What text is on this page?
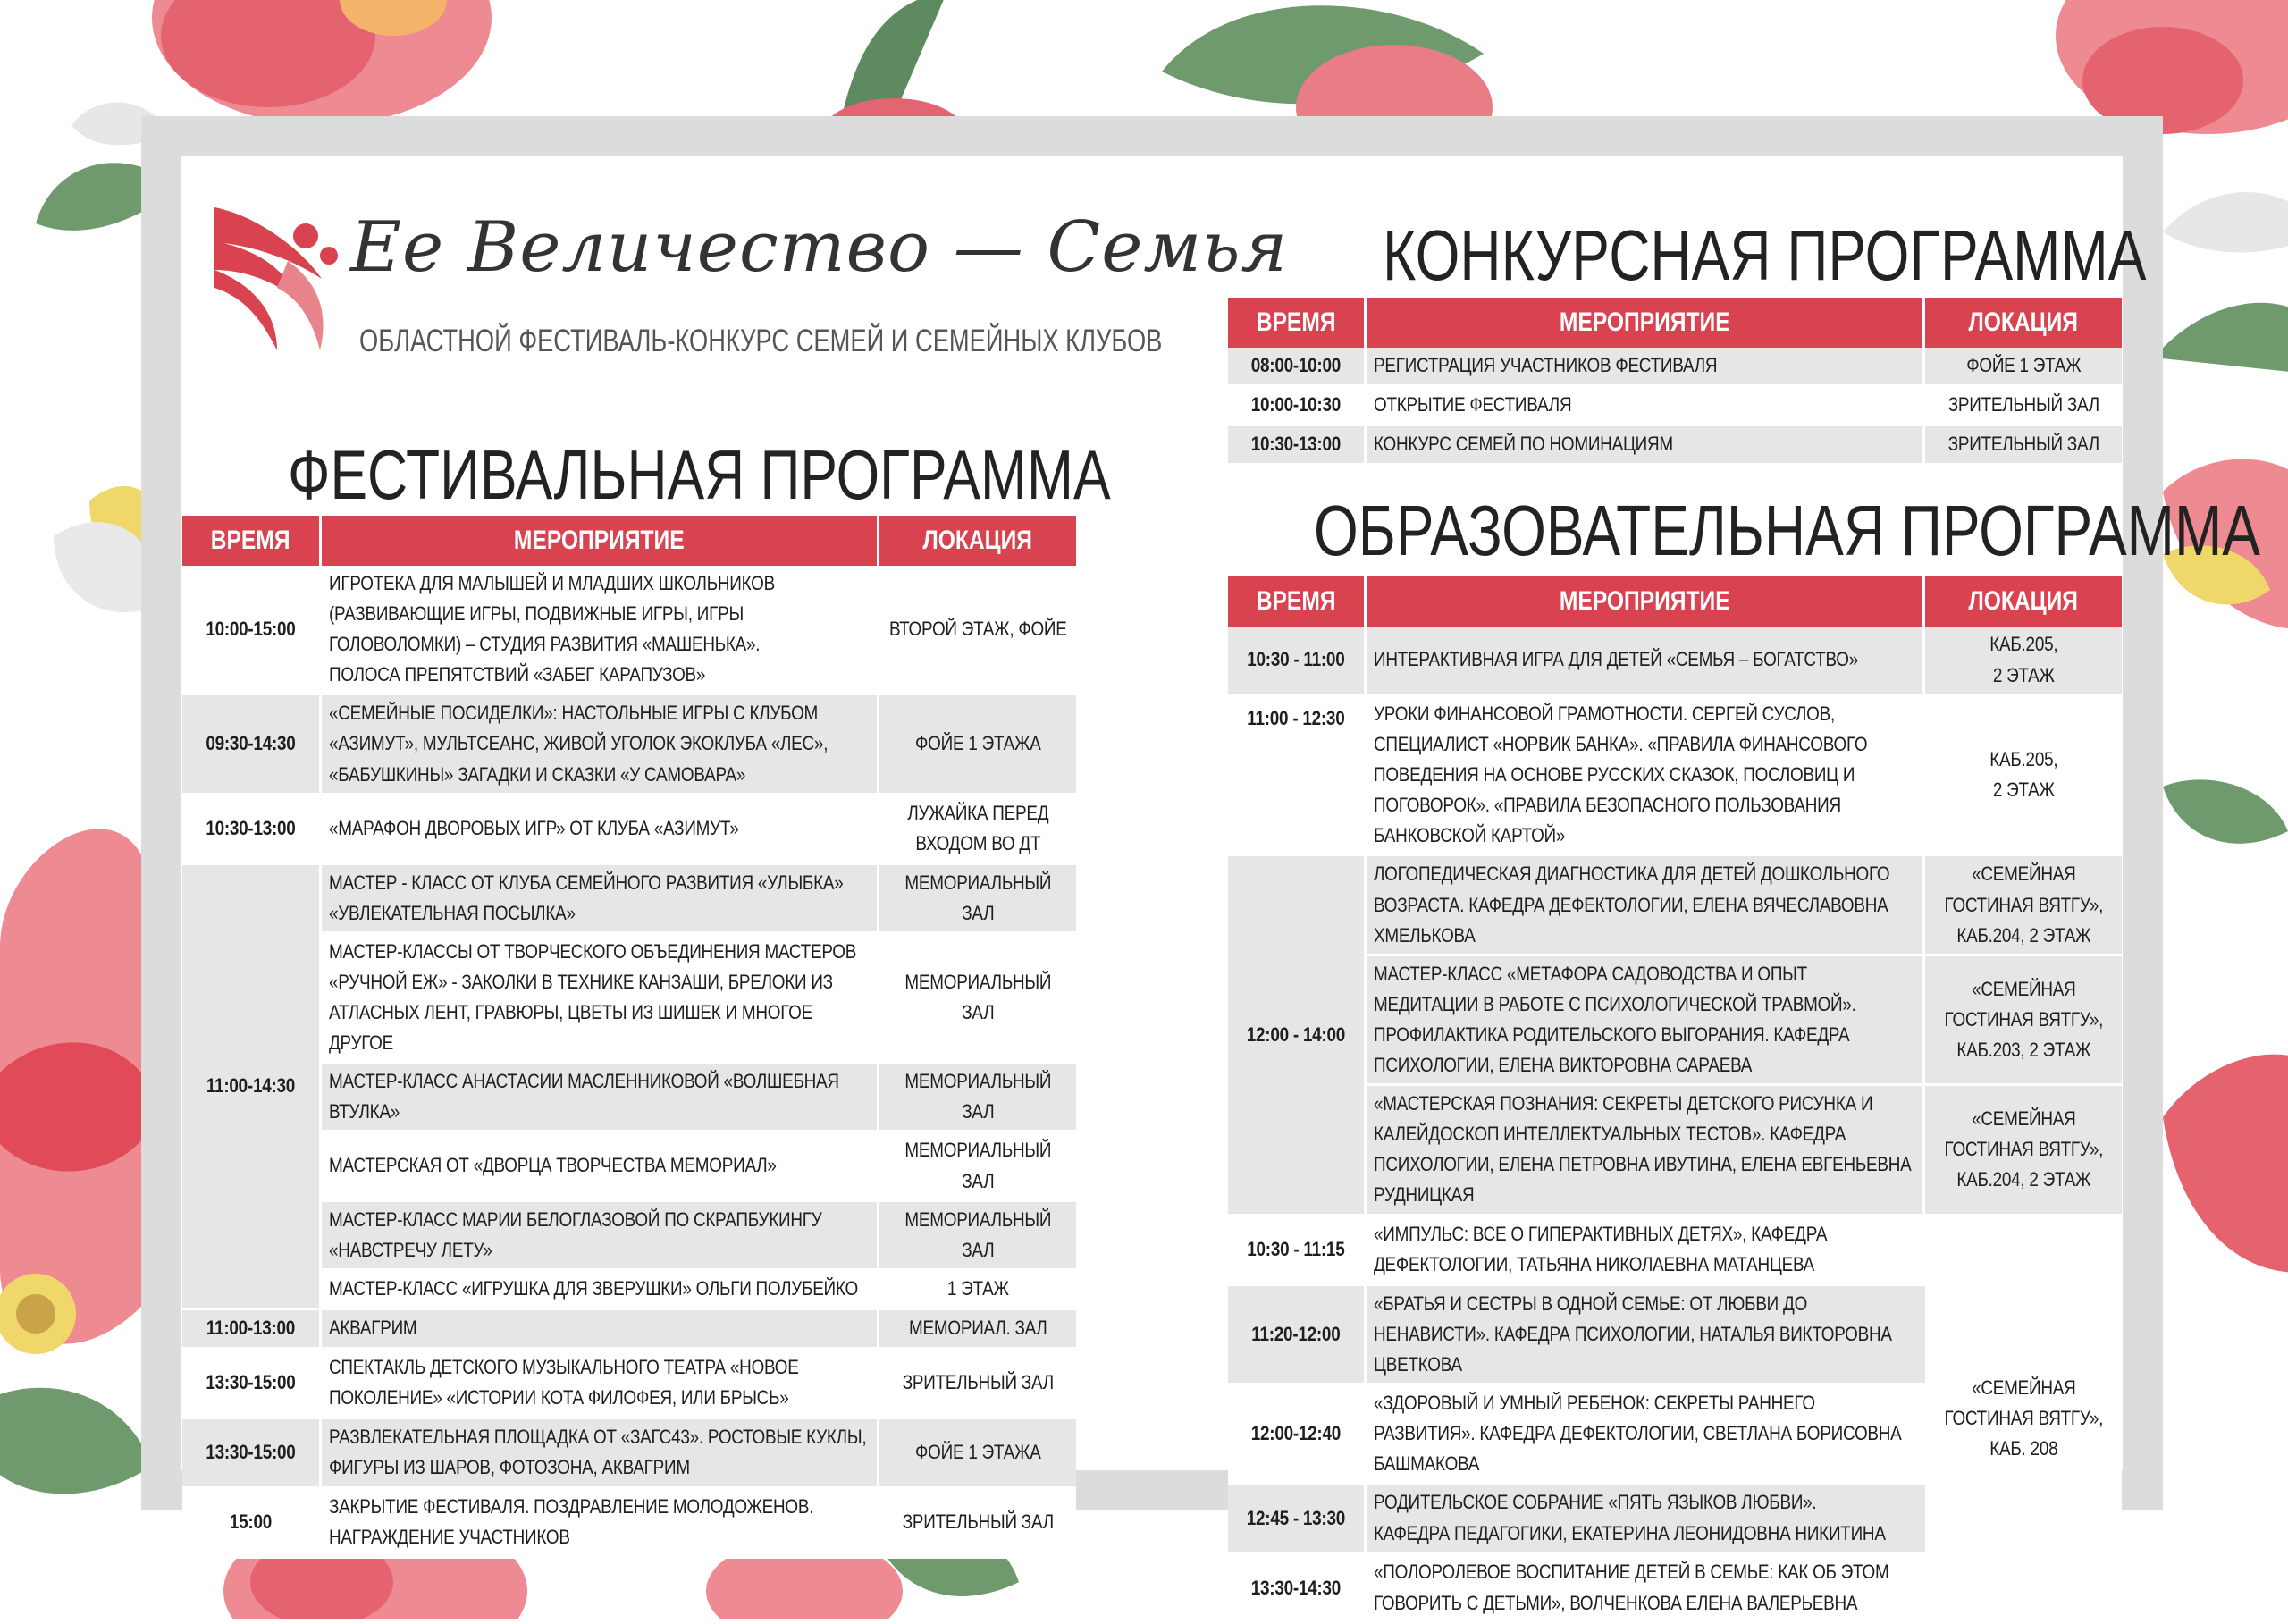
Ее Величество — Семья
ОБЛАСТНОЙ ФЕСТИВАЛЬ-КОНКУРС СЕМЕЙ И СЕМЕЙНЫХ КЛУБОВ
ФЕСТИВАЛЬНАЯ ПРОГРАММА
ВРЕМЯ	МЕРОПРИЯТИЕ	ЛОКАЦИЯ

10:00-15:00	ИГРОТЕКА ДЛЯ МАЛЫШЕЙ И МЛАДШИХ ШКОЛЬНИКОВ (РАЗВИВАЮЩИЕ ИГРЫ, ПОДВИЖНЫЕ ИГРЫ, ИГРЫ ГОЛОВОЛОМКИ) – СТУДИЯ РАЗВИТИЯ «МАШЕНЬКА».
ПОЛОСА ПРЕПЯТСТВИЙ «ЗАБЕГ КАРАПУЗОВ»	ВТОРОЙ ЭТАЖ, ФОЙЕ

09:30-14:30	«СЕМЕЙНЫЕ ПОСИДЕЛКИ»: НАСТОЛЬНЫЕ ИГРЫ С КЛУБОМ «АЗИМУТ», МУЛЬТСЕАНС, ЖИВОЙ УГОЛОК ЭКОКЛУБА «ЛЕС», «БАБУШКИНЫ» ЗАГАДКИ И СКАЗКИ «У САМОВАРА»	ФОЙЕ 1 ЭТАЖА

10:30-13:00	«МАРАФОН ДВОРОВЫХ ИГР» ОТ КЛУБА «АЗИМУТ»	ЛУЖАЙКА ПЕРЕД ВХОДОМ ВО ДТ

11:00-14:30	МАСТЕР - КЛАСС ОТ КЛУБА СЕМЕЙНОГО РАЗВИТИЯ «УЛЫБКА» «УВЛЕКАТЕЛЬНАЯ ПОСЫЛКА»	МЕМОРИАЛЬНЫЙ ЗАЛ

	МАСТЕР-КЛАССЫ ОТ ТВОРЧЕСКОГО ОБЪЕДИНЕНИЯ МАСТЕРОВ «РУЧНОЙ ЕЖ» - ЗАКОЛКИ В ТЕХНИКЕ КАНЗАШИ, БРЕЛОКИ ИЗ АТЛАСНЫХ ЛЕНТ, ГРАВЮРЫ, ЦВЕТЫ ИЗ ШИШЕК И МНОГОЕ ДРУГОЕ	МЕМОРИАЛЬНЫЙ ЗАЛ

	МАСТЕР-КЛАСС АНАСТАСИИ МАСЛЕННИКОВОЙ «ВОЛШЕБНАЯ ВТУЛКА»	МЕМОРИАЛЬНЫЙ ЗАЛ

	МАСТЕРСКАЯ ОТ «ДВОРЦА ТВОРЧЕСТВА МЕМОРИАЛ»	МЕМОРИАЛЬНЫЙ ЗАЛ

	МАСТЕР-КЛАСС МАРИИ БЕЛОГЛАЗОВОЙ ПО СКРАПБУКИНГУ «НАВСТРЕЧУ ЛЕТУ»	МЕМОРИАЛЬНЫЙ ЗАЛ

	МАСТЕР-КЛАСС «ИГРУШКА ДЛЯ ЗВЕРУШКИ» ОЛЬГИ ПОЛУБЕЙКО	1 ЭТАЖ

11:00-13:00	АКВАГРИМ	МЕМОРИАЛ. ЗАЛ

13:30-15:00	СПЕКТАКЛЬ ДЕТСКОГО МУЗЫКАЛЬНОГО ТЕАТРА «НОВОЕ ПОКОЛЕНИЕ» «ИСТОРИИ КОТА ФИЛОФЕЯ, ИЛИ БРЫСЬ»	ЗРИТЕЛЬНЫЙ ЗАЛ

13:30-15:00	РАЗВЛЕКАТЕЛЬНАЯ ПЛОЩАДКА ОТ «ЗАГС43». РОСТОВЫЕ КУКЛЫ, ФИГУРЫ ИЗ ШАРОВ, ФОТОЗОНА, АКВАГРИМ	ФОЙЕ 1 ЭТАЖА

15:00	ЗАКРЫТИЕ ФЕСТИВАЛЯ. ПОЗДРАВЛЕНИЕ МОЛОДОЖЕНОВ. НАГРАЖДЕНИЕ УЧАСТНИКОВ	ЗРИТЕЛЬНЫЙ ЗАЛ
КОНКУРСНАЯ ПРОГРАММА
ВРЕМЯ	МЕРОПРИЯТИЕ	ЛОКАЦИЯ

08:00-10:00	РЕГИСТРАЦИЯ УЧАСТНИКОВ ФЕСТИВАЛЯ	ФОЙЕ 1 ЭТАЖ

10:00-10:30	ОТКРЫТИЕ ФЕСТИВАЛЯ	ЗРИТЕЛЬНЫЙ ЗАЛ

10:30-13:00	КОНКУРС СЕМЕЙ ПО НОМИНАЦИЯМ	ЗРИТЕЛЬНЫЙ ЗАЛ
ОБРАЗОВАТЕЛЬНАЯ ПРОГРАММА
ВРЕМЯ	МЕРОПРИЯТИЕ	ЛОКАЦИЯ

10:30 - 11:00	ИНТЕРАКТИВНАЯ ИГРА ДЛЯ ДЕТЕЙ «СЕМЬЯ – БОГАТСТВО»	КАБ.205,
2 ЭТАЖ

11:00 - 12:30	УРОКИ ФИНАНСОВОЙ ГРАМОТНОСТИ. СЕРГЕЙ СУСЛОВ, СПЕЦИАЛИСТ «НОРВИК БАНКА». «ПРАВИЛА ФИНАНСОВОГО ПОВЕДЕНИЯ НА ОСНОВЕ РУССКИХ СКАЗОК, ПОСЛОВИЦ И ПОГОВОРОК». «ПРАВИЛА БЕЗОПАСНОГО ПОЛЬЗОВАНИЯ БАНКОВСКОЙ КАРТОЙ»	КАБ.205,
2 ЭТАЖ

12:00 - 14:00	ЛОГОПЕДИЧЕСКАЯ ДИАГНОСТИКА ДЛЯ ДЕТЕЙ ДОШКОЛЬНОГО ВОЗРАСТА. КАФЕДРА ДЕФЕКТОЛОГИИ, ЕЛЕНА ВЯЧЕСЛАВОВНА ХМЕЛЬКОВА	«СЕМЕЙНАЯ ГОСТИНАЯ ВЯТГУ», КАБ.204, 2 ЭТАЖ

	МАСТЕР-КЛАСС «МЕТАФОРА САДОВОДСТВА И ОПЫТ МЕДИТАЦИИ В РАБОТЕ С ПСИХОЛОГИЧЕСКОЙ ТРАВМОЙ». ПРОФИЛАКТИКА РОДИТЕЛЬСКОГО ВЫГОРАНИЯ. КАФЕДРА ПСИХОЛОГИИ, ЕЛЕНА ВИКТОРОВНА САРАЕВА	«СЕМЕЙНАЯ ГОСТИНАЯ ВЯТГУ», КАБ.203, 2 ЭТАЖ

	«МАСТЕРСКАЯ ПОЗНАНИЯ: СЕКРЕТЫ ДЕТСКОГО РИСУНКА И КАЛЕЙДОСКОП ИНТЕЛЛЕКТУАЛЬНЫХ ТЕСТОВ». КАФЕДРА ПСИХОЛОГИИ, ЕЛЕНА ПЕТРОВНА ИВУТИНА, ЕЛЕНА ЕВГЕНЬЕВНА РУДНИЦКАЯ	«СЕМЕЙНАЯ ГОСТИНАЯ ВЯТГУ», КАБ.204, 2 ЭТАЖ

10:30 - 11:15	«ИМПУЛЬС: ВСЕ О ГИПЕРАКТИВНЫХ ДЕТЯХ», КАФЕДРА ДЕФЕКТОЛОГИИ, ТАТЬЯНА НИКОЛАЕВНА МАТАНЦЕВА	«СЕМЕЙНАЯ ГОСТИНАЯ ВЯТГУ», КАБ. 208

11:20-12:00	«БРАТЬЯ И СЕСТРЫ В ОДНОЙ СЕМЬЕ: ОТ ЛЮБВИ ДО НЕНАВИСТИ». КАФЕДРА ПСИХОЛОГИИ, НАТАЛЬЯ ВИКТОРОВНА ЦВЕТКОВА	

12:00-12:40	«ЗДОРОВЫЙ И УМНЫЙ РЕБЕНОК: СЕКРЕТЫ РАННЕГО РАЗВИТИЯ». КАФЕДРА ДЕФЕКТОЛОГИИ, СВЕТЛАНА БОРИСОВНА БАШМАКОВА	

12:45 - 13:30	РОДИТЕЛЬСКОЕ СОБРАНИЕ «ПЯТЬ ЯЗЫКОВ ЛЮБВИ».
КАФЕДРА ПЕДАГОГИКИ, ЕКАТЕРИНА ЛЕОНИДОВНА НИКИТИНА	

13:30-14:30	«ПОЛОРОЛЕВОЕ ВОСПИТАНИЕ ДЕТЕЙ В СЕМЬЕ: КАК ОБ ЭТОМ ГОВОРИТЬ С ДЕТЬМИ», ВОЛЧЕНКОВА ЕЛЕНА ВАЛЕРЬЕВНА	
